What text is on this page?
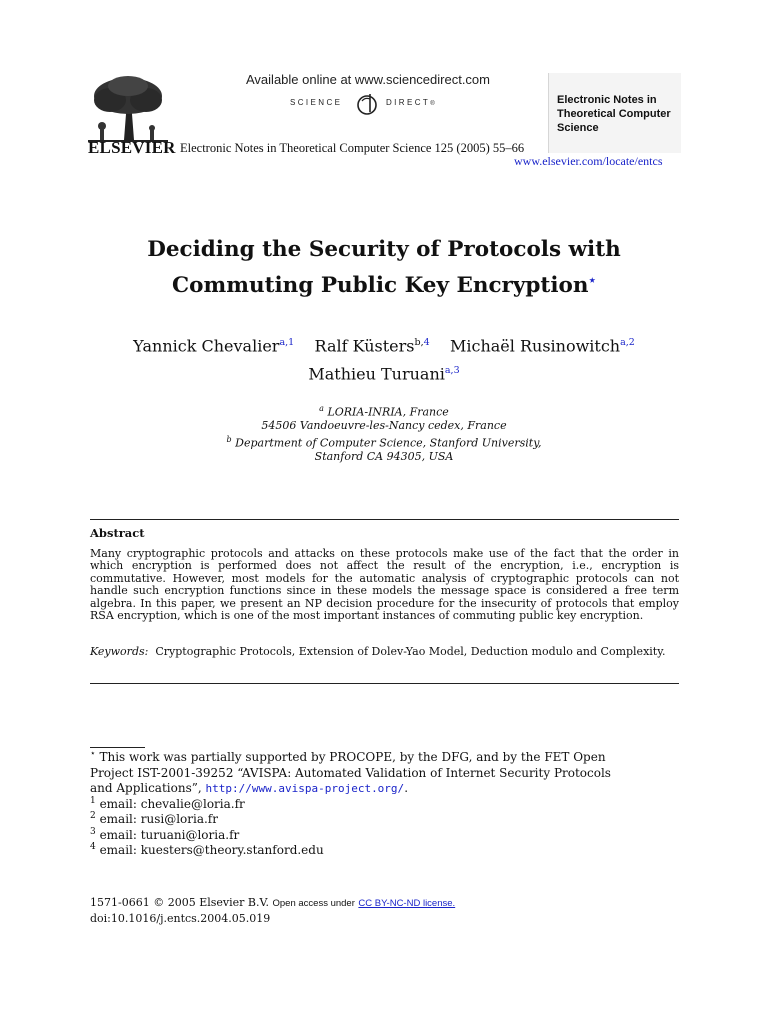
ELSEVIER
Available online at www.sciencedirect.com
SCIENCE	DIRECT®
Electronic Notes in Theoretical Computer Science 125 (2005) 55–66
Electronic Notes in
Theoretical Computer
Science
www.elsevier.com/locate/entcs
Deciding the Security of Protocols with
Commuting Public Key Encryption⋆
Yannick Chevalier$^{a,1}$ Ralf Küsters$^{b,4}$ Michaël Rusinowitch$^{a,2}$
Mathieu Turuani$^{a,3}$
$^a$ LORIA-INRIA, France
54506 Vandoeuvre-les-Nancy cedex, France
$^b$ Department of Computer Science, Stanford University,
Stanford CA 94305, USA
Abstract
Many cryptographic protocols and attacks on these protocols make use of the fact that the order in which encryption is performed does not affect the result of the encryption, i.e., encryption is commutative. However, most models for the automatic analysis of cryptographic protocols can not handle such encryption functions since in these models the message space is considered a free term algebra. In this paper, we present an NP decision procedure for the insecurity of protocols that employ RSA encryption, which is one of the most important instances of commuting public key encryption.
Keywords: Cryptographic Protocols, Extension of Dolev-Yao Model, Deduction modulo and Complexity.
⋆ This work was partially supported by PROCOPE, by the DFG, and by the FET Open
Project IST-2001-39252 “AVISPA: Automated Validation of Internet Security Protocols
and Applications”, http://www.avispa-project.org/.
$^1$ email: chevalie@loria.fr
$^2$ email: rusi@loria.fr
$^3$ email: turuani@loria.fr
$^4$ email: kuesters@theory.stanford.edu
1571-0661 © 2005 Elsevier B.V. Open access under CC BY-NC-ND license.
doi:10.1016/j.entcs.2004.05.019
